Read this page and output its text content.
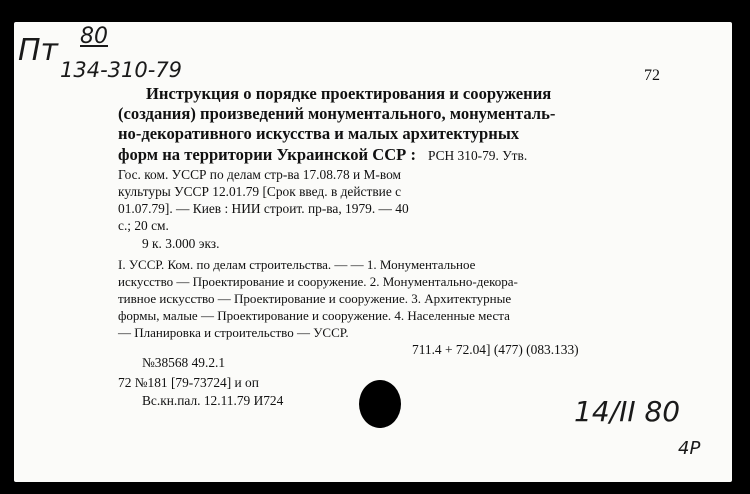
Пт 80
134-310-79	72
Инструкция о порядке проектирования и сооружения
(создания) произведений монументального, монументаль-
но-декоративного искусства и малых архитектурных
форм на территории Украинской ССР : РСН 310-79. Утв.
Гос. ком. УССР по делам стр-ва 17.08.78 и М-вом
культуры УССР 12.01.79 [Срок введ. в действие с
01.07.79]. — Киев : НИИ строит. пр-ва, 1979. — 40
с.; 20 см.
9 к. 3.000 экз.
I. УССР. Ком. по делам строительства. — — 1. Монументальное
искусство — Проектирование и сооружение. 2. Монументально-декора-
тивное искусство — Проектирование и сооружение. 3. Архитектурные
формы, малые — Проектирование и сооружение. 4. Населенные места
— Планировка и строительство — УССР.
711.4 + 72.04] (477) (083.133)
№38568 49.2.1
72 №181 [79-73724] и оп
Вс.кн.пал. 12.11.79 И724	14/II 80
4P
